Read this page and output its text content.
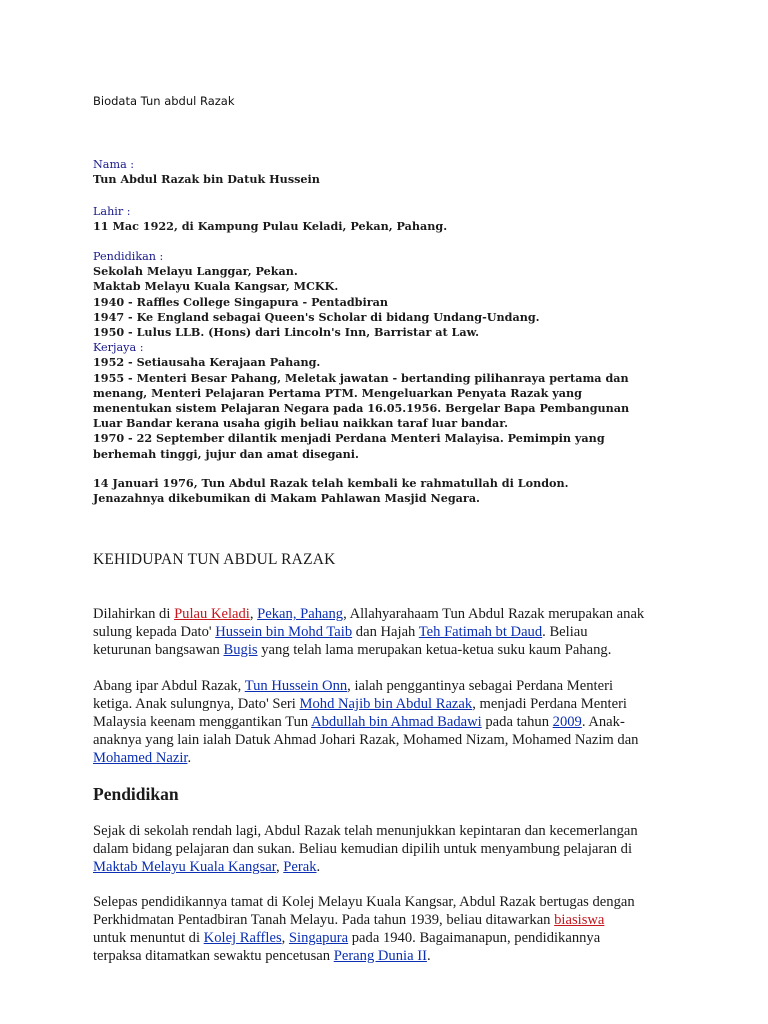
Biodata Tun abdul Razak
Nama :
Tun Abdul Razak bin Datuk Hussein
Lahir :
11 Mac 1922, di Kampung Pulau Keladi, Pekan, Pahang.
Pendidikan :
Sekolah Melayu Langgar, Pekan.
Maktab Melayu Kuala Kangsar, MCKK.
1940 - Raffles College Singapura - Pentadbiran
1947 - Ke England sebagai Queen's Scholar di bidang Undang-Undang.
1950 - Lulus LLB. (Hons) dari Lincoln's Inn, Barristar at Law.
Kerjaya :
1952 - Setiausaha Kerajaan Pahang.
1955 - Menteri Besar Pahang, Meletak jawatan - bertanding pilihanraya pertama dan
menang, Menteri Pelajaran Pertama PTM. Mengeluarkan Penyata Razak yang
menentukan sistem Pelajaran Negara pada 16.05.1956. Bergelar Bapa Pembangunan
Luar Bandar kerana usaha gigih beliau naikkan taraf luar bandar.
1970 - 22 September dilantik menjadi Perdana Menteri Malayisa. Pemimpin yang
berhemah tinggi, jujur dan amat disegani.
14 Januari 1976, Tun Abdul Razak telah kembali ke rahmatullah di London.
Jenazahnya dikebumikan di Makam Pahlawan Masjid Negara.
KEHIDUPAN TUN ABDUL RAZAK
Dilahirkan di Pulau Keladi, Pekan, Pahang, Allahyarahaam Tun Abdul Razak merupakan anak
sulung kepada Dato' Hussein bin Mohd Taib dan Hajah Teh Fatimah bt Daud. Beliau
keturunan bangsawan Bugis yang telah lama merupakan ketua-ketua suku kaum Pahang.
Abang ipar Abdul Razak, Tun Hussein Onn, ialah penggantinya sebagai Perdana Menteri
ketiga. Anak sulungnya, Dato' Seri Mohd Najib bin Abdul Razak, menjadi Perdana Menteri
Malaysia keenam menggantikan Tun Abdullah bin Ahmad Badawi pada tahun 2009. Anak-
anaknya yang lain ialah Datuk Ahmad Johari Razak, Mohamed Nizam, Mohamed Nazim dan
Mohamed Nazir.
Pendidikan
Sejak di sekolah rendah lagi, Abdul Razak telah menunjukkan kepintaran dan kecemerlangan
dalam bidang pelajaran dan sukan. Beliau kemudian dipilih untuk menyambung pelajaran di
Maktab Melayu Kuala Kangsar, Perak.
Selepas pendidikannya tamat di Kolej Melayu Kuala Kangsar, Abdul Razak bertugas dengan
Perkhidmatan Pentadbiran Tanah Melayu. Pada tahun 1939, beliau ditawarkan biasiswa
untuk menuntut di Kolej Raffles, Singapura pada 1940. Bagaimanapun, pendidikannya
terpaksa ditamatkan sewaktu pencetusan Perang Dunia II.
